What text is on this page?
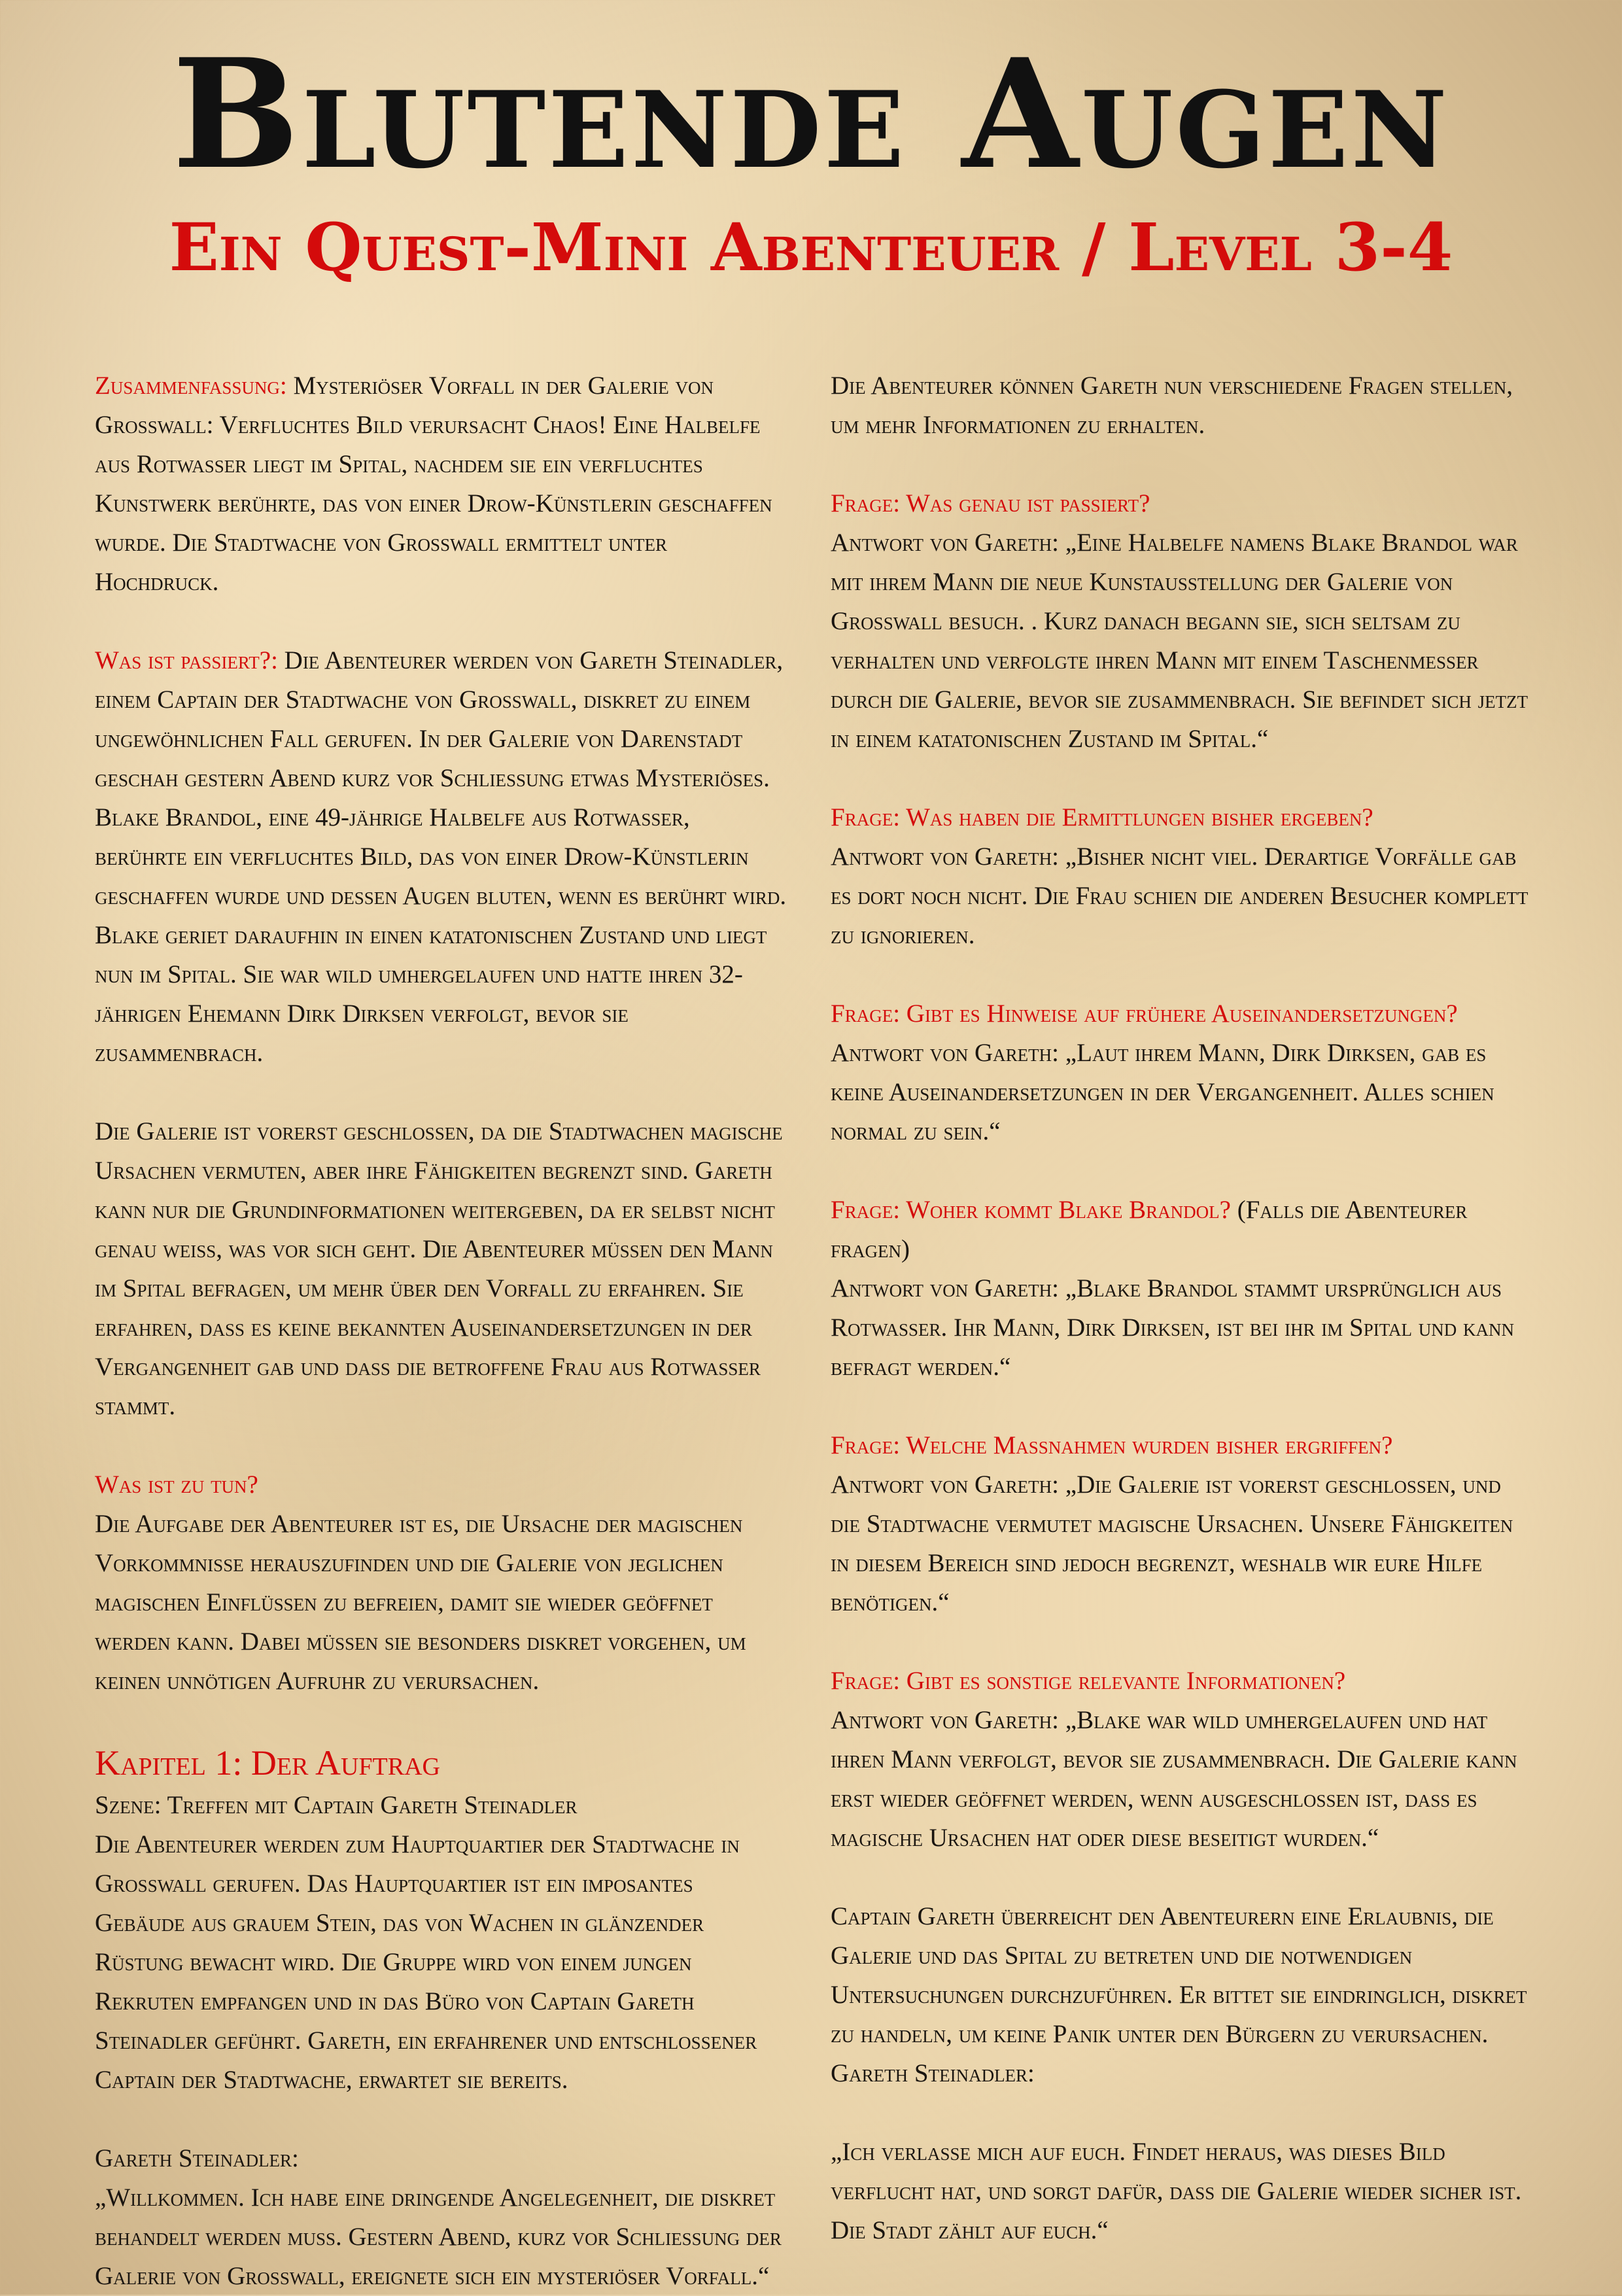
Blutende Augen
Ein Quest-Mini Abenteuer / Level 3-4

Zusammenfassung: Mysteriöser Vorfall in der Galerie von Grosswall: Verfluchtes Bild verursacht Chaos! Eine Halbelfe aus Rotwasser liegt im Spital, nachdem sie ein verfluchtes Kunstwerk berührte, das von einer Drow-Künstlerin geschaffen wurde. Die Stadtwache von Grosswall ermittelt unter Hochdruck.

Was ist passiert?: Die Abenteurer werden von Gareth Steinadler, einem Captain der Stadtwache von Grosswall, diskret zu einem ungewöhnlichen Fall gerufen. In der Galerie von Darenstadt geschah gestern Abend kurz vor Schliessung etwas Mysteriöses. Blake Brandol, eine 49-jährige Halbelfe aus Rotwasser, berührte ein verfluchtes Bild, das von einer Drow-Künstlerin geschaffen wurde und dessen Augen bluten, wenn es berührt wird. Blake geriet daraufhin in einen katatonischen Zustand und liegt nun im Spital. Sie war wild umhergelaufen und hatte ihren 32-jährigen Ehemann Dirk Dirksen verfolgt, bevor sie zusammenbrach.

Die Galerie ist vorerst geschlossen, da die Stadtwachen magische Ursachen vermuten, aber ihre Fähigkeiten begrenzt sind. Gareth kann nur die Grundinformationen weitergeben, da er selbst nicht genau weiss, was vor sich geht. Die Abenteurer müssen den Mann im Spital befragen, um mehr über den Vorfall zu erfahren. Sie erfahren, dass es keine bekannten Auseinandersetzungen in der Vergangenheit gab und dass die betroffene Frau aus Rotwasser stammt.

Was ist zu tun?
Die Aufgabe der Abenteurer ist es, die Ursache der magischen Vorkommnisse herauszufinden und die Galerie von jeglichen magischen Einflüssen zu befreien, damit sie wieder geöffnet werden kann. Dabei müssen sie besonders diskret vorgehen, um keinen unnötigen Aufruhr zu verursachen.

Kapitel 1: Der Auftrag

Szene: Treffen mit Captain Gareth Steinadler
Die Abenteurer werden zum Hauptquartier der Stadtwache in Grosswall gerufen. Das Hauptquartier ist ein imposantes Gebäude aus grauem Stein, das von Wachen in glänzender Rüstung bewacht wird. Die Gruppe wird von einem jungen Rekruten empfangen und in das Büro von Captain Gareth Steinadler geführt. Gareth, ein erfahrener und entschlossener Captain der Stadtwache, erwartet sie bereits.

Gareth Steinadler:

„Willkommen. Ich habe eine dringende Angelegenheit, die diskret behandelt werden muss. Gestern Abend, kurz vor Schliessung der Galerie von Grosswall, ereignete sich ein mysteriöser Vorfall.“

Die Abenteurer können Gareth nun verschiedene Fragen stellen, um mehr Informationen zu erhalten.

Frage: Was genau ist passiert?
Antwort von Gareth: „Eine Halbelfe namens Blake Brandol war mit ihrem Mann die neue Kunstausstellung der Galerie von Grosswall besuch. . Kurz danach begann sie, sich seltsam zu verhalten und verfolgte ihren Mann mit einem Taschenmesser durch die Galerie, bevor sie zusammenbrach. Sie befindet sich jetzt in einem katatonischen Zustand im Spital.“

Frage: Was haben die Ermittlungen bisher ergeben?
Antwort von Gareth: „Bisher nicht viel. Derartige Vorfälle gab es dort noch nicht. Die Frau schien die anderen Besucher komplett zu ignorieren.

Frage: Gibt es Hinweise auf frühere Auseinandersetzungen?
Antwort von Gareth: „Laut ihrem Mann, Dirk Dirksen, gab es keine Auseinandersetzungen in der Vergangenheit. Alles schien normal zu sein.“

Frage: Woher kommt Blake Brandol? (Falls die Abenteurer fragen)
Antwort von Gareth: „Blake Brandol stammt ursprünglich aus Rotwasser. Ihr Mann, Dirk Dirksen, ist bei ihr im Spital und kann befragt werden.“

Frage: Welche Massnahmen wurden bisher ergriffen?
Antwort von Gareth: „Die Galerie ist vorerst geschlossen, und die Stadtwache vermutet magische Ursachen. Unsere Fähigkeiten in diesem Bereich sind jedoch begrenzt, weshalb wir eure Hilfe benötigen.“

Frage: Gibt es sonstige relevante Informationen?
Antwort von Gareth: „Blake war wild umhergelaufen und hat ihren Mann verfolgt, bevor sie zusammenbrach. Die Galerie kann erst wieder geöffnet werden, wenn ausgeschlossen ist, dass es magische Ursachen hat oder diese beseitigt wurden.“

Captain Gareth überreicht den Abenteurern eine Erlaubnis, die Galerie und das Spital zu betreten und die notwendigen Untersuchungen durchzuführen. Er bittet sie eindringlich, diskret zu handeln, um keine Panik unter den Bürgern zu verursachen.
Gareth Steinadler:

„Ich verlasse mich auf euch. Findet heraus, was dieses Bild verflucht hat, und sorgt dafür, dass die Galerie wieder sicher ist. Die Stadt zählt auf euch.“
